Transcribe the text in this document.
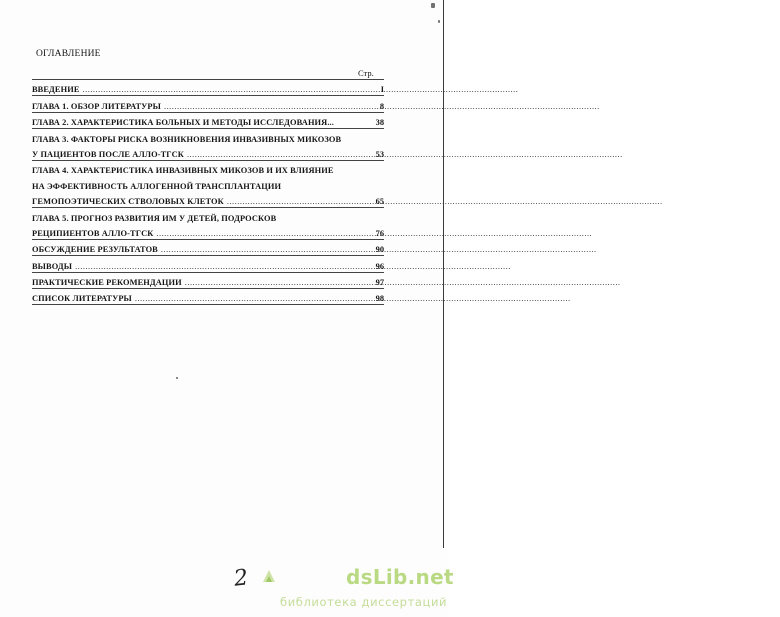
ОГЛАВЛЕНИЕ
Стр.
ВВЕДЕНИЕ .....	I
ГЛАВА 1. ОБЗОР ЛИТЕРАТУРЫ .....	8
ГЛАВА 2. ХАРАКТЕРИСТИКА БОЛЬНЫХ И МЕТОДЫ ИССЛЕДОВАНИЯ...	38
ГЛАВА 3. ФАКТОРЫ РИСКА ВОЗНИКНОВЕНИЯ ИНВАЗИВНЫХ МИКОЗОВ
У ПАЦИЕНТОВ ПОСЛЕ АЛЛО-ТГСК .....	53
ГЛАВА 4. ХАРАКТЕРИСТИКА ИНВАЗИВНЫХ МИКОЗОВ И ИХ ВЛИЯНИЕ
НА ЭФФЕКТИВНОСТЬ АЛЛОГЕННОЙ ТРАНСПЛАНТАЦИИ
ГЕМОПОЭТИЧЕСКИХ СТВОЛОВЫХ КЛЕТОК .....	65
ГЛАВА 5. ПРОГНОЗ РАЗВИТИЯ ИМ У ДЕТЕЙ, ПОДРОСКОВ
РЕЦИПИЕНТОВ АЛЛО-ТГСК .....	76
ОБСУЖДЕНИЕ РЕЗУЛЬТАТОВ .....	90
ВЫВОДЫ .....	96
ПРАКТИЧЕСКИЕ РЕКОМЕНДАЦИИ .....	97
СПИСОК ЛИТЕРАТУРЫ .....	98
2	dsLib.net
библиотека диссертаций
